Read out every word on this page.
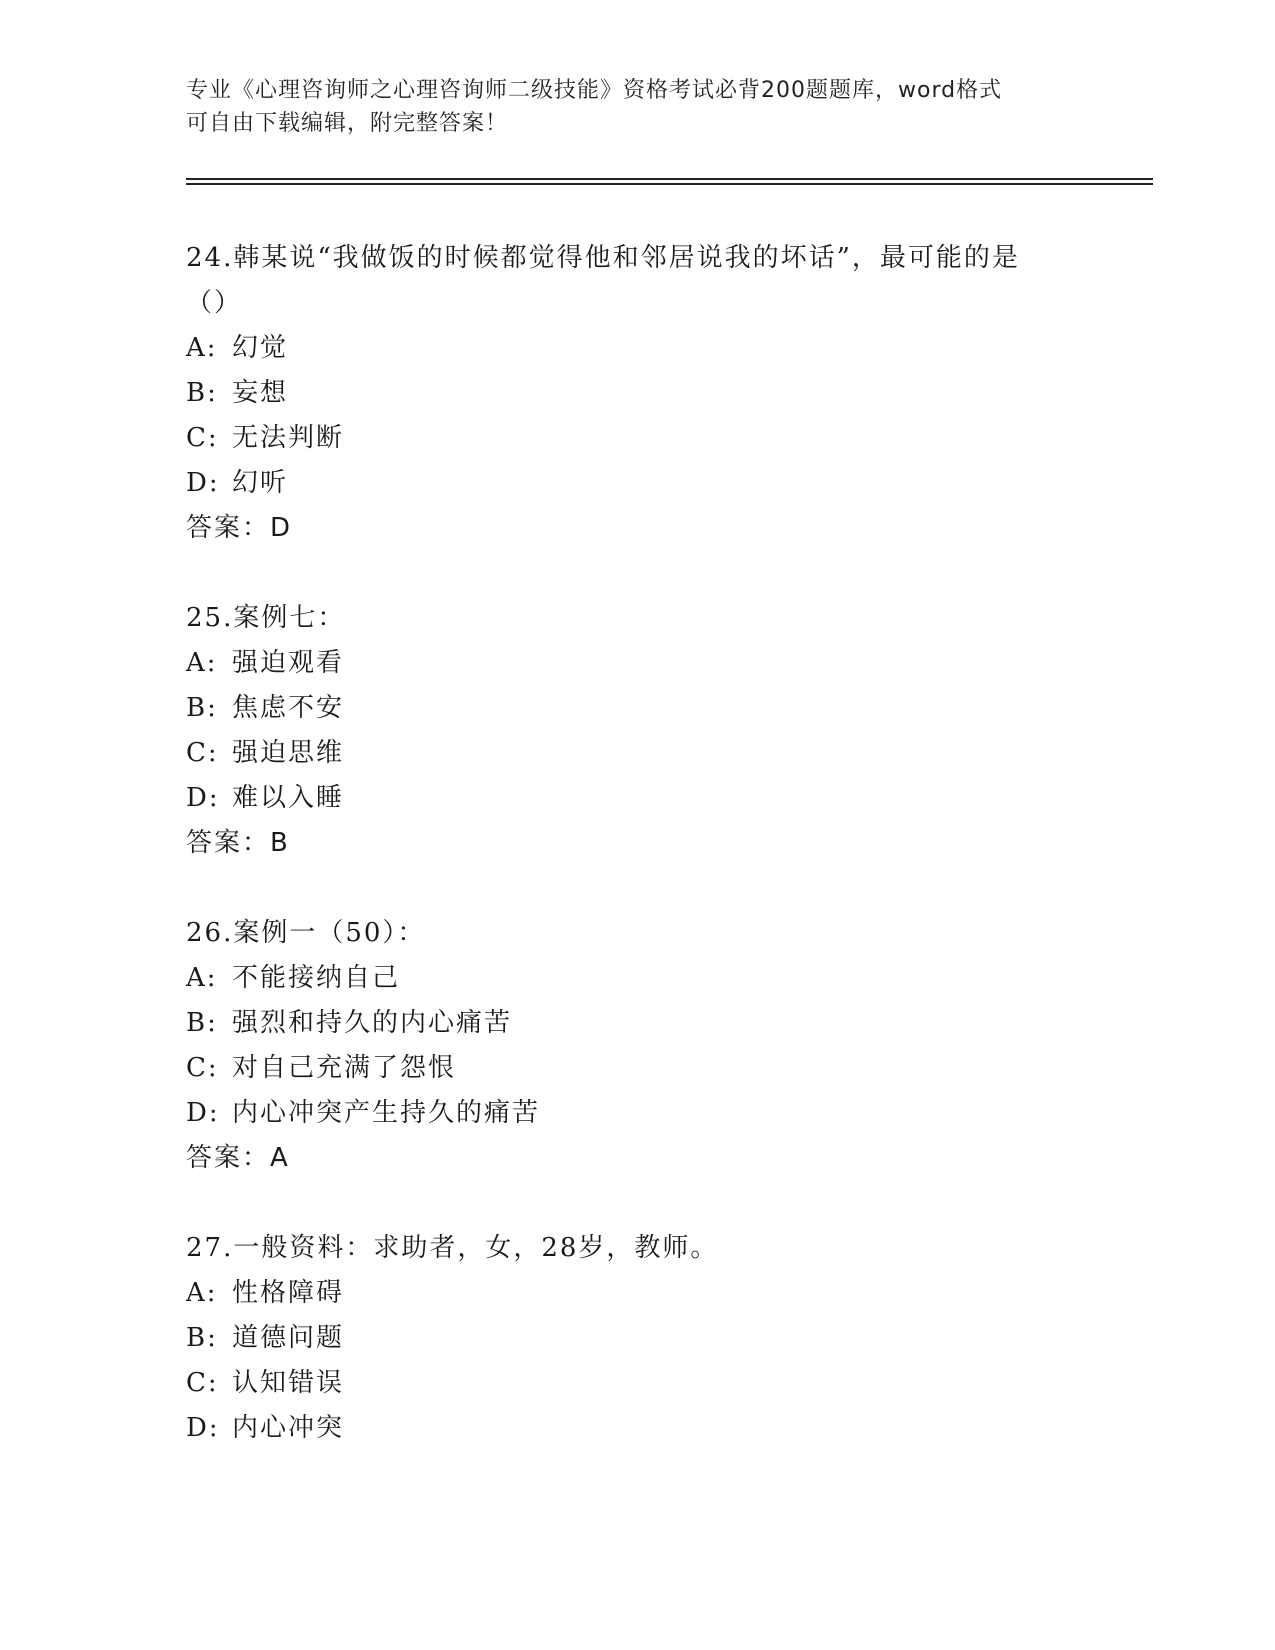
专业《心理咨询师之心理咨询师二级技能》资格考试必背200题题库，word格式
可自由下载编辑，附完整答案！
24.韩某说“我做饭的时候都觉得他和邻居说我的坏话”，最可能的是
（）
A: 幻觉
B: 妄想
C: 无法判断
D: 幻听
答案：D
25.案例七：
A: 强迫观看
B: 焦虑不安
C: 强迫思维
D: 难以入睡
答案：B
26.案例一（50）：
A: 不能接纳自己
B: 强烈和持久的内心痛苦
C: 对自己充满了怨恨
D: 内心冲突产生持久的痛苦
答案：A
27.一般资料：求助者，女，28岁，教师。
A: 性格障碍
B: 道德问题
C: 认知错误
D: 内心冲突
